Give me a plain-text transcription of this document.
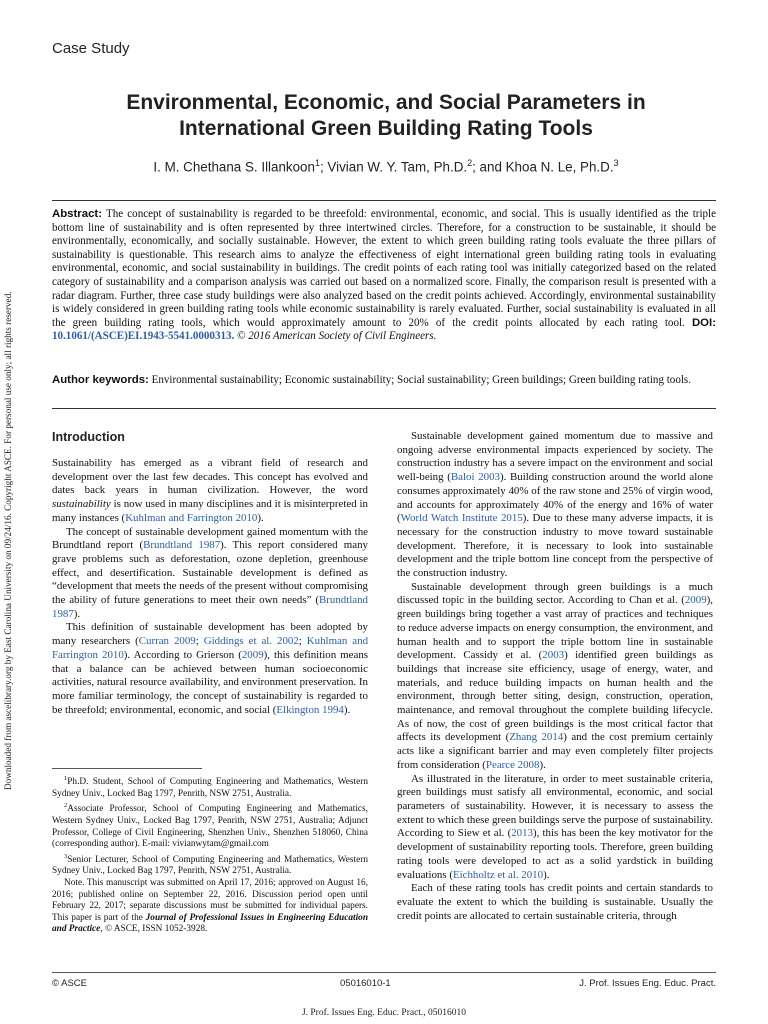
Downloaded from ascelibrary.org by East Carolina University on 09/24/16. Copyright ASCE. For personal use only; all rights reserved.
Case Study
Environmental, Economic, and Social Parameters in
International Green Building Rating Tools
I. M. Chethana S. Illankoon$^1$; Vivian W. Y. Tam, Ph.D.$^2$; and Khoa N. Le, Ph.D.$^3$

Abstract: The concept of sustainability is regarded to be threefold: environmental, economic, and social. This is usually identified as the triple bottom line of sustainability and is often represented by three intertwined circles. Therefore, for a construction to be sustainable, it should be environmentally, economically, and socially sustainable. However, the extent to which green building rating tools evaluate the three pillars of sustainability is questionable. This research aims to analyze the effectiveness of eight international green building rating tools in evaluating environmental, economic, and social sustainability in buildings. The credit points of each rating tool was initially categorized based on the related category of sustainability and a comparison analysis was carried out based on a normalized score. Finally, the comparison result is presented with a radar diagram. Further, three case study buildings were also analyzed based on the credit points achieved. Accordingly, environmental sustainability is widely considered in green building rating tools while economic sustainability is rarely evaluated. Further, social sustainability is evaluated in all the green building rating tools, which would approximately amount to 20% of the credit points allocated by each rating tool. DOI: 10.1061/(ASCE)EI.1943-5541.0000313. © 2016 American Society of Civil Engineers.

Author keywords: Environmental sustainability; Economic sustainability; Social sustainability; Green buildings; Green building rating tools.

Introduction

Sustainability has emerged as a vibrant field of research and development over the last few decades. This concept has evolved and dates back years in human civilization. However, the word sustainability is now used in many disciplines and it is misinterpreted in many instances (Kuhlman and Farrington 2010).

The concept of sustainable development gained momentum with the Brundtland report (Brundtland 1987). This report considered many grave problems such as deforestation, ozone depletion, greenhouse effect, and desertification. Sustainable development is defined as “development that meets the needs of the present without compromising the ability of future generations to meet their own needs” (Brundtland 1987).

This definition of sustainable development has been adopted by many researchers (Curran 2009; Giddings et al. 2002; Kuhlman and Farrington 2010). According to Grierson (2009), this definition means that a balance can be achieved between human socioeconomic activities, natural resource availability, and environment preservation. In more familiar terminology, the concept of sustainability is regarded to be threefold; environmental, economic, and social (Elkington 1994).

$^1$Ph.D. Student, School of Computing Engineering and Mathematics, Western Sydney Univ., Locked Bag 1797, Penrith, NSW 2751, Australia.

$^2$Associate Professor, School of Computing Engineering and Mathematics, Western Sydney Univ., Locked Bag 1797, Penrith, NSW 2751, Australia; Adjunct Professor, College of Civil Engineering, Shenzhen Univ., Shenzhen 518060, China (corresponding author). E-mail: vivianwytam@gmail.com

$^3$Senior Lecturer, School of Computing Engineering and Mathematics, Western Sydney Univ., Locked Bag 1797, Penrith, NSW 2751, Australia.

Note. This manuscript was submitted on April 17, 2016; approved on August 16, 2016; published online on September 22, 2016. Discussion period open until February 22, 2017; separate discussions must be submitted for individual papers. This paper is part of the Journal of Professional Issues in Engineering Education and Practice, © ASCE, ISSN 1052-3928.

Sustainable development gained momentum due to massive and ongoing adverse environmental impacts experienced by society. The construction industry has a severe impact on the environment and social well-being (Baloi 2003). Building construction around the world alone consumes approximately 40% of the raw stone and 25% of virgin wood, and accounts for approximately 40% of the energy and 16% of water (World Watch Institute 2015). Due to these many adverse impacts, it is necessary for the construction industry to move toward sustainable development. Therefore, it is necessary to look into sustainable development and the triple bottom line concept from the perspective of the construction industry.

Sustainable development through green buildings is a much discussed topic in the building sector. According to Chan et al. (2009), green buildings bring together a vast array of practices and techniques to reduce adverse impacts on energy consumption, the environment, and human health and to support the triple bottom line in sustainable development. Cassidy et al. (2003) identified green buildings as buildings that increase site efficiency, usage of energy, water, and materials, and reduce building impacts on human health and the environment, through better siting, design, construction, operation, maintenance, and removal throughout the complete building lifecycle. As of now, the cost of green buildings is the most critical factor that affects its development (Zhang 2014) and the cost premium certainly acts like a significant barrier and may even completely filter projects from consideration (Pearce 2008).

As illustrated in the literature, in order to meet sustainable criteria, green buildings must satisfy all environmental, economic, and social parameters of sustainability. However, it is necessary to assess the extent to which these green buildings serve the purpose of sustainability. According to Siew et al. (2013), this has been the key motivator for the development of sustainability reporting tools. Therefore, green building rating tools were developed to act as a solid yardstick in building evaluations (Eichholtz et al. 2010).

Each of these rating tools has credit points and certain standards to evaluate the extent to which the building is sustainable. Usually the credit points are allocated to certain sustainable criteria, through

© ASCE	05016010-1	J. Prof. Issues Eng. Educ. Pract.
J. Prof. Issues Eng. Educ. Pract., 05016010
